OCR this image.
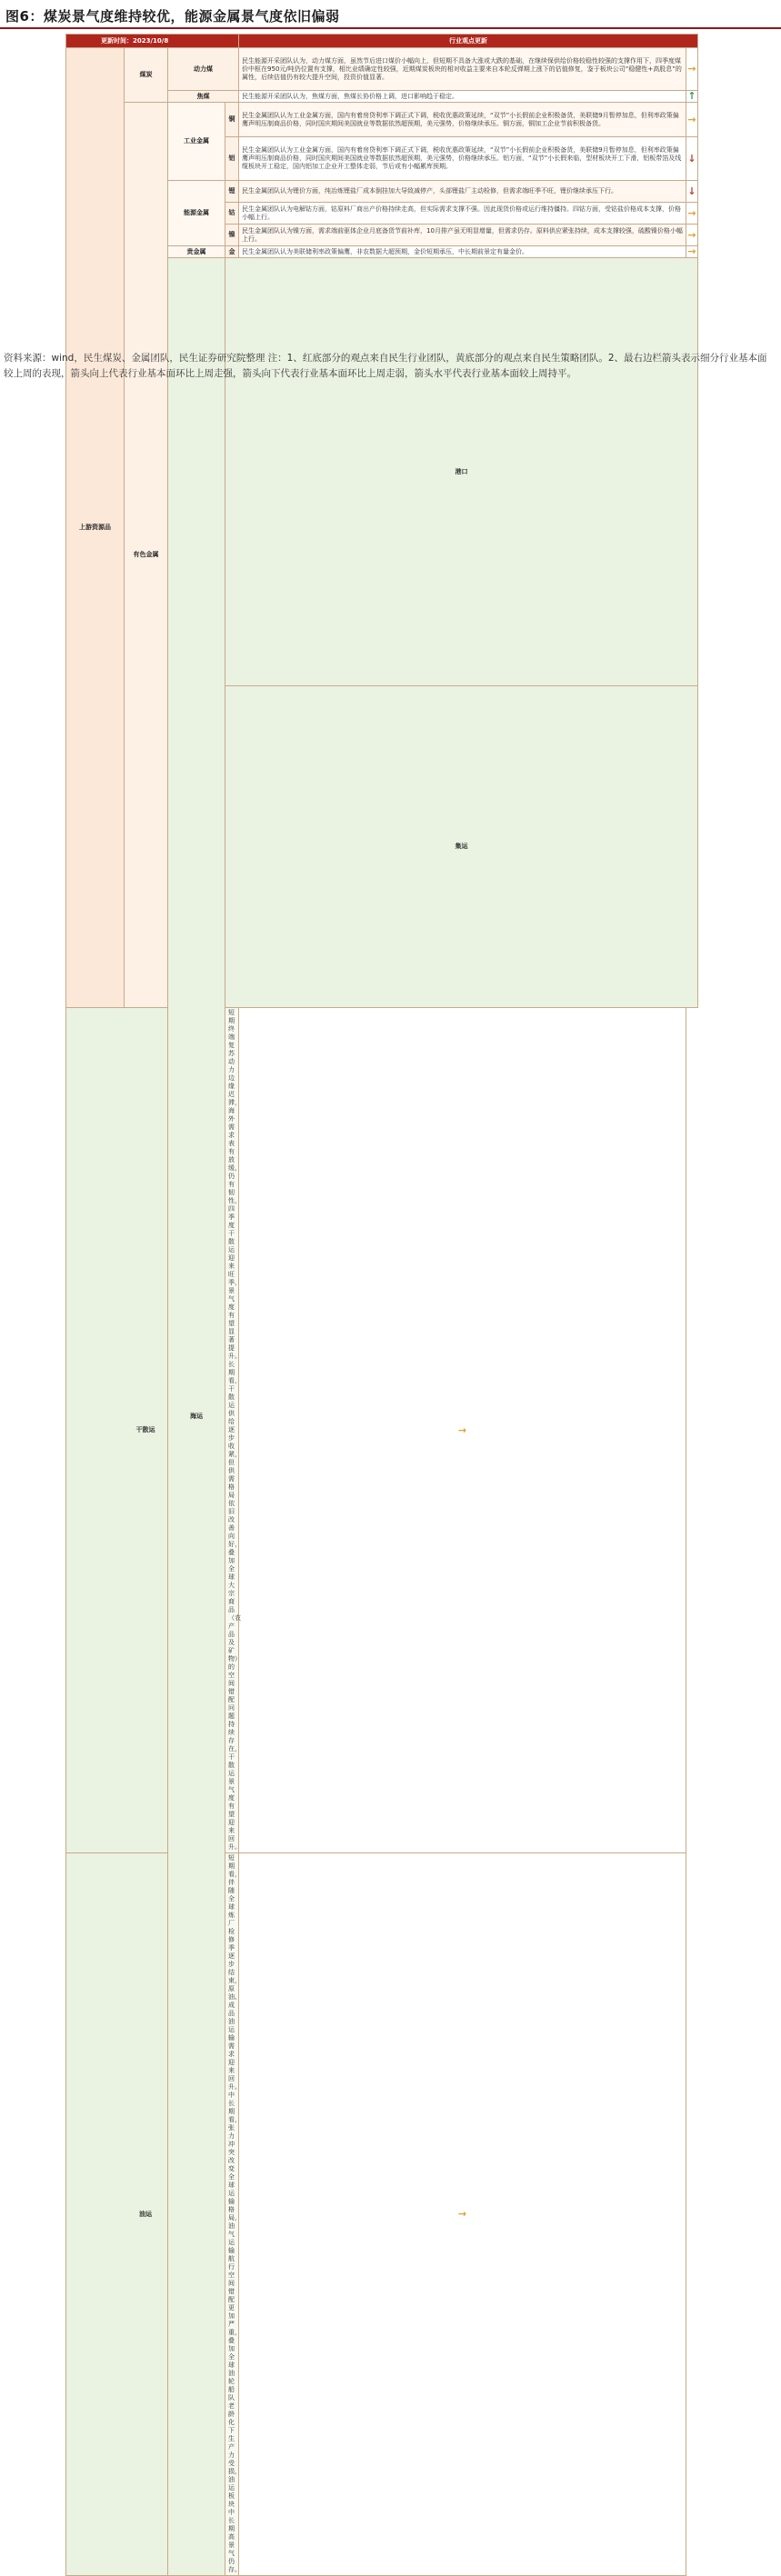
图6：煤炭景气度维持较优，能源金属景气度依旧偏弱
更新时间：2023/10/8				行业观点更新		
上游资源品	煤炭	动力煤		民生能源开采团队认为，动力煤方面，虽然节后进口煤价小幅向上，但短期不具备大涨或大跌的基础，在继续保供给价格较稳性较强的支撑作用下，四季度煤价中枢在950元/吨仍位置有支撑，相比业绩确定性较强，近期煤炭板块的相对收益主要来自本轮反弹期上涨下的估值修复，鉴于板块公司“稳健性+高股息”的属性，后续估值仍有较大提升空间，投资价值显著。	→	
		焦煤		民生能源开采团队认为，焦煤方面，焦煤长协价格上调，进口影响趋于稳定。	↑	
	有色金属	工业金属	铜	民生金属团队认为工业金属方面，国内有着房贷利率下调正式下调，税收优惠政策延续，“双节”小长假前企业积极备货，美联储9月暂停加息，但利率政策偏鹰声明压制商品价格，同时国庆期间美国就业等数据依然超预期，美元强势，价格继续承压。铜方面，铜加工企业节前积极备货。	→	
			铝	民生金属团队认为工业金属方面，国内有着房贷利率下调正式下调，税收优惠政策延续，“双节”小长假前企业积极备货，美联储9月暂停加息，但利率政策偏鹰声明压制商品价格，同时国庆期间美国就业等数据依然超预期，美元强势，价格继续承压。铝方面，“双节”小长假来临，型材板块开工下滑，铝板带箔及线缆板块开工稳定，国内铝加工企业开工整体走弱，节后或有小幅累库预期。	↓	
		能源金属	锂	民生金属团队认为锂价方面，纯冶炼锂盐厂成本倒挂加大导致减停产，头部锂盐厂主动检修，但需求端旺季不旺，锂价继续承压下行。	↓	
			钴	民生金属团队认为电解钴方面，钴原料厂商出产价格持续走高，但实际需求支撑不强。因此现货价格或运行维持僵持。四钴方面，受钴盐价格成本支撑，价格小幅上行。	→	
			镍	民生金属团队认为镍方面，需求端前驱体企业月底备货节前补库，10月排产虽无明显增量，但需求仍存。原料供应紧张持续，成本支撑较强，硫酸镍价格小幅上行。	→	
		贵金属	金	民生金属团队认为美联储利率政策偏鹰，非农数据大超预期，金价短期承压，中长期前景定有量金价。	→	
		海运	港口		
			集运		
干散运			短期终端复苏动力边缘迟滞，海外需求表有放缓，仍有韧性，四季度干散运迎来旺季，景气度有望显著提升。长期看，干散运供给逐步收紧，但供需格局依旧改善向好，叠加全球大宗商品（农产品及矿物）的空间错配问题持续存在，干散运景气度有望迎来回升。	→		
油运			短期看，伴随全球炼厂检修季逐步结束，原油、成品油运输需求迎来回升。中长期看，张力冲突改变全球运输格局，油气运输航行空间错配更加严重，叠加全球油轮船队老龄化下生产力受损，油运板块中长期高景气仍存。	→		
资料来源：wind，民生煤炭、金属团队，民生证券研究院整理 注：1、红底部分的观点来自民生行业团队，黄底部分的观点来自民生策略团队。2、最右边栏箭头表示细分行业基本面较上周的表现，箭头向上代表行业基本面环比上周走强，箭头向下代表行业基本面环比上周走弱，箭头水平代表行业基本面较上周持平。
